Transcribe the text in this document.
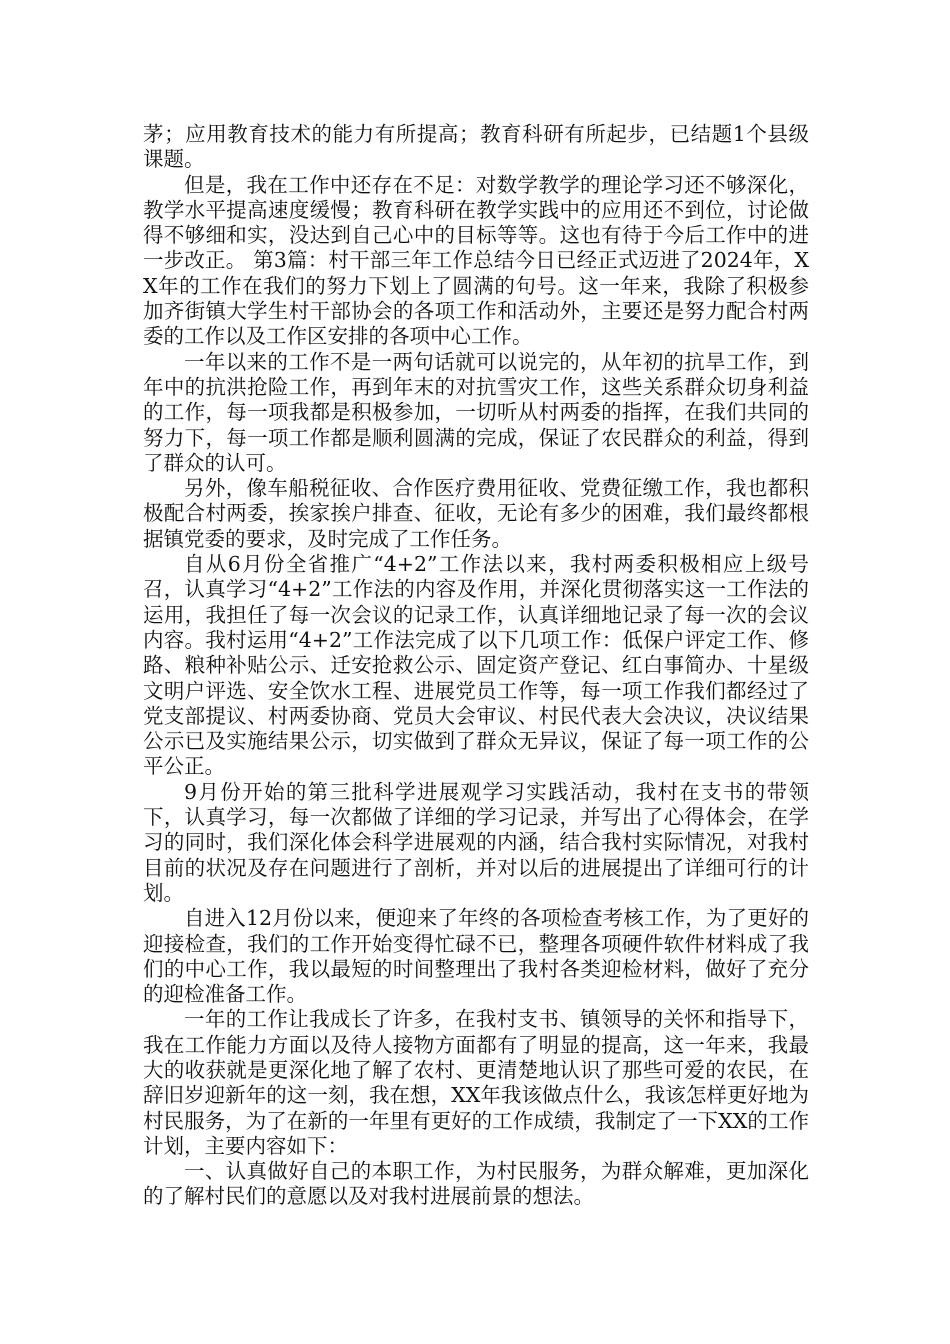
茅；应用教育技术的能力有所提高；教育科研有所起步，已结题1个县级课题。

但是，我在工作中还存在不足：对数学教学的理论学习还不够深化，教学水平提高速度缓慢；教育科研在教学实践中的应用还不到位，讨论做得不够细和实，没达到自己心中的目标等等。这也有待于今后工作中的进一步改正。 第3篇：村干部三年工作总结今日已经正式迈进了2024年，XX年的工作在我们的努力下划上了圆满的句号。这一年来，我除了积极参加齐街镇大学生村干部协会的各项工作和活动外，主要还是努力配合村两委的工作以及工作区安排的各项中心工作。

一年以来的工作不是一两句话就可以说完的，从年初的抗旱工作，到年中的抗洪抢险工作，再到年末的对抗雪灾工作，这些关系群众切身利益的工作，每一项我都是积极参加，一切听从村两委的指挥，在我们共同的努力下，每一项工作都是顺利圆满的完成，保证了农民群众的利益，得到了群众的认可。

另外，像车船税征收、合作医疗费用征收、党费征缴工作，我也都积极配合村两委，挨家挨户排查、征收，无论有多少的困难，我们最终都根据镇党委的要求，及时完成了工作任务。

自从6月份全省推广“4+2”工作法以来，我村两委积极相应上级号召，认真学习“4+2”工作法的内容及作用，并深化贯彻落实这一工作法的运用，我担任了每一次会议的记录工作，认真详细地记录了每一次的会议内容。我村运用“4+2”工作法完成了以下几项工作：低保户评定工作、修路、粮种补贴公示、迁安抢救公示、固定资产登记、红白事简办、十星级文明户评选、安全饮水工程、进展党员工作等，每一项工作我们都经过了党支部提议、村两委协商、党员大会审议、村民代表大会决议，决议结果公示已及实施结果公示，切实做到了群众无异议，保证了每一项工作的公平公正。

9月份开始的第三批科学进展观学习实践活动，我村在支书的带领下，认真学习，每一次都做了详细的学习记录，并写出了心得体会，在学习的同时，我们深化体会科学进展观的内涵，结合我村实际情况，对我村目前的状况及存在问题进行了剖析，并对以后的进展提出了详细可行的计划。

自进入12月份以来，便迎来了年终的各项检查考核工作，为了更好的迎接检查，我们的工作开始变得忙碌不已，整理各项硬件软件材料成了我们的中心工作，我以最短的时间整理出了我村各类迎检材料，做好了充分的迎检准备工作。

一年的工作让我成长了许多，在我村支书、镇领导的关怀和指导下，我在工作能力方面以及待人接物方面都有了明显的提高，这一年来，我最大的收获就是更深化地了解了农村、更清楚地认识了那些可爱的农民，在辞旧岁迎新年的这一刻，我在想，XX年我该做点什么，我该怎样更好地为村民服务，为了在新的一年里有更好的工作成绩，我制定了一下XX的工作计划，主要内容如下：

一、认真做好自己的本职工作，为村民服务，为群众解难，更加深化的了解村民们的意愿以及对我村进展前景的想法。
